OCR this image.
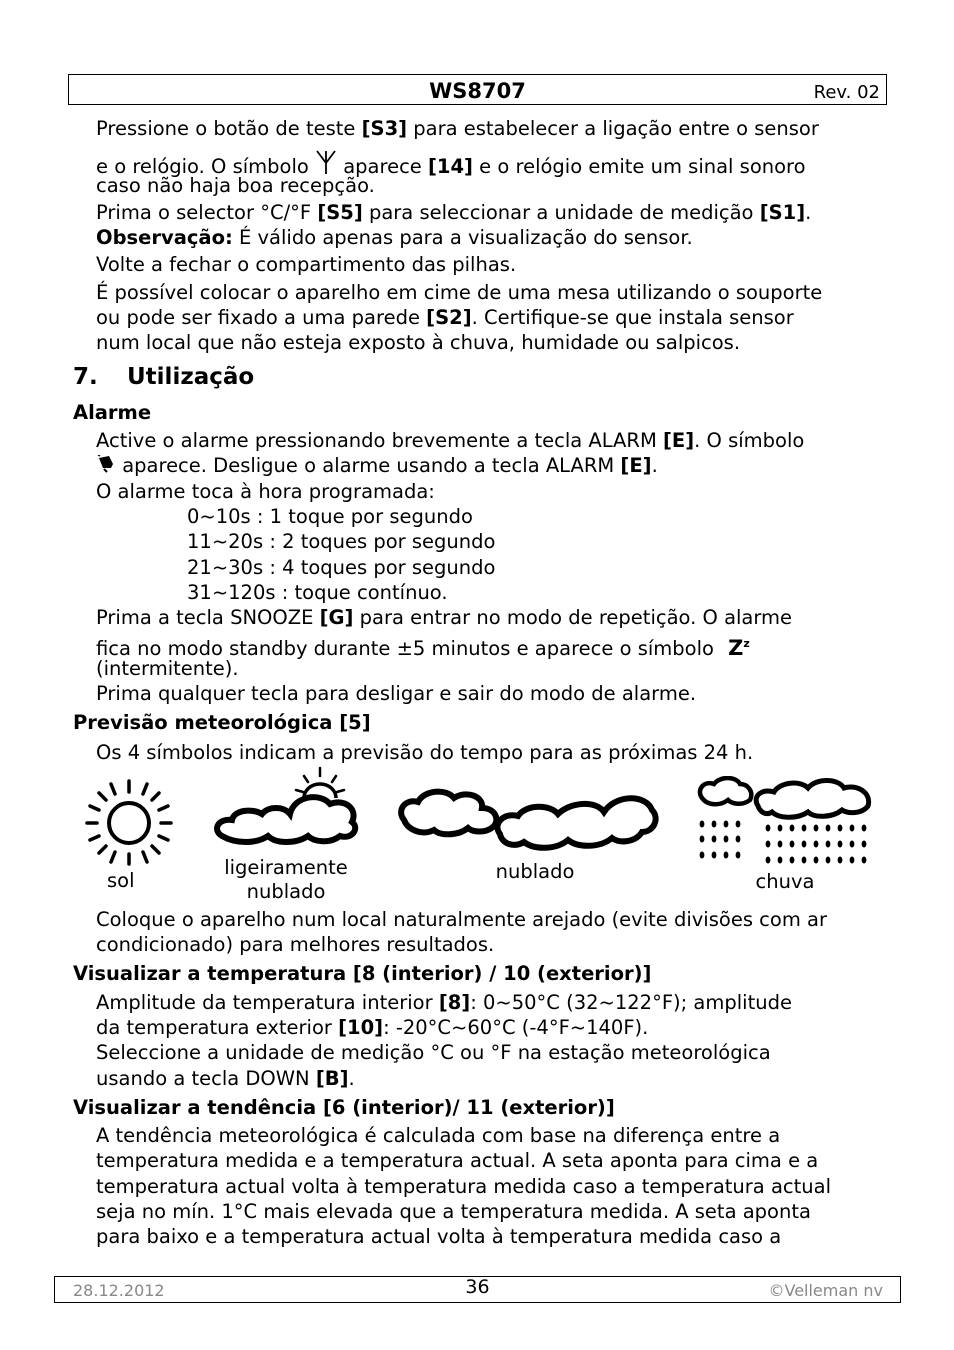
WS8707	Rev. 02
Pressione o botão de teste [S3] para estabelecer a ligação entre o sensor
e o relógio. O símbolo  aparece [14] e o relógio emite um sinal sonoro
caso não haja boa recepção.
Prima o selector °C/°F [S5] para seleccionar a unidade de medição [S1].
Observação: É válido apenas para a visualização do sensor.
Volte a fechar o compartimento das pilhas.
É possível colocar o aparelho em cime de uma mesa utilizando o souporte
ou pode ser fixado a uma parede [S2]. Certifique-se que instala sensor
num local que não esteja exposto à chuva, humidade ou salpicos.
7. Utilização
Alarme
Active o alarme pressionando brevemente a tecla ALARM [E]. O símbolo
aparece. Desligue o alarme usando a tecla ALARM [E].
O alarme toca à hora programada:
0~10s : 1 toque por segundo
11~20s : 2 toques por segundo
21~30s : 4 toques por segundo
31~120s : toque contínuo.
Prima a tecla SNOOZE [G] para entrar no modo de repetição. O alarme
fica no modo standby durante ±5 minutos e aparece o símbolo $Z^z$
(intermitente).
Prima qualquer tecla para desligar e sair do modo de alarme.
Previsão meteorológica [5]
Os 4 símbolos indicam a previsão do tempo para as próximas 24 h.
sol
ligeiramente
nublado
nublado	chuva
Coloque o aparelho num local naturalmente arejado (evite divisões com ar
condicionado) para melhores resultados.
Visualizar a temperatura [8 (interior) / 10 (exterior)]
Amplitude da temperatura interior [8]: 0~50°C (32~122°F); amplitude
da temperatura exterior [10]: -20°C~60°C (-4°F~140F).
Seleccione a unidade de medição °C ou °F na estação meteorológica
usando a tecla DOWN [B].
Visualizar a tendência [6 (interior)/ 11 (exterior)]
A tendência meteorológica é calculada com base na diferença entre a
temperatura medida e a temperatura actual. A seta aponta para cima e a
temperatura actual volta à temperatura medida caso a temperatura actual
seja no mín. 1°C mais elevada que a temperatura medida. A seta aponta
para baixo e a temperatura actual volta à temperatura medida caso a
28.12.2012	36	©Velleman nv
